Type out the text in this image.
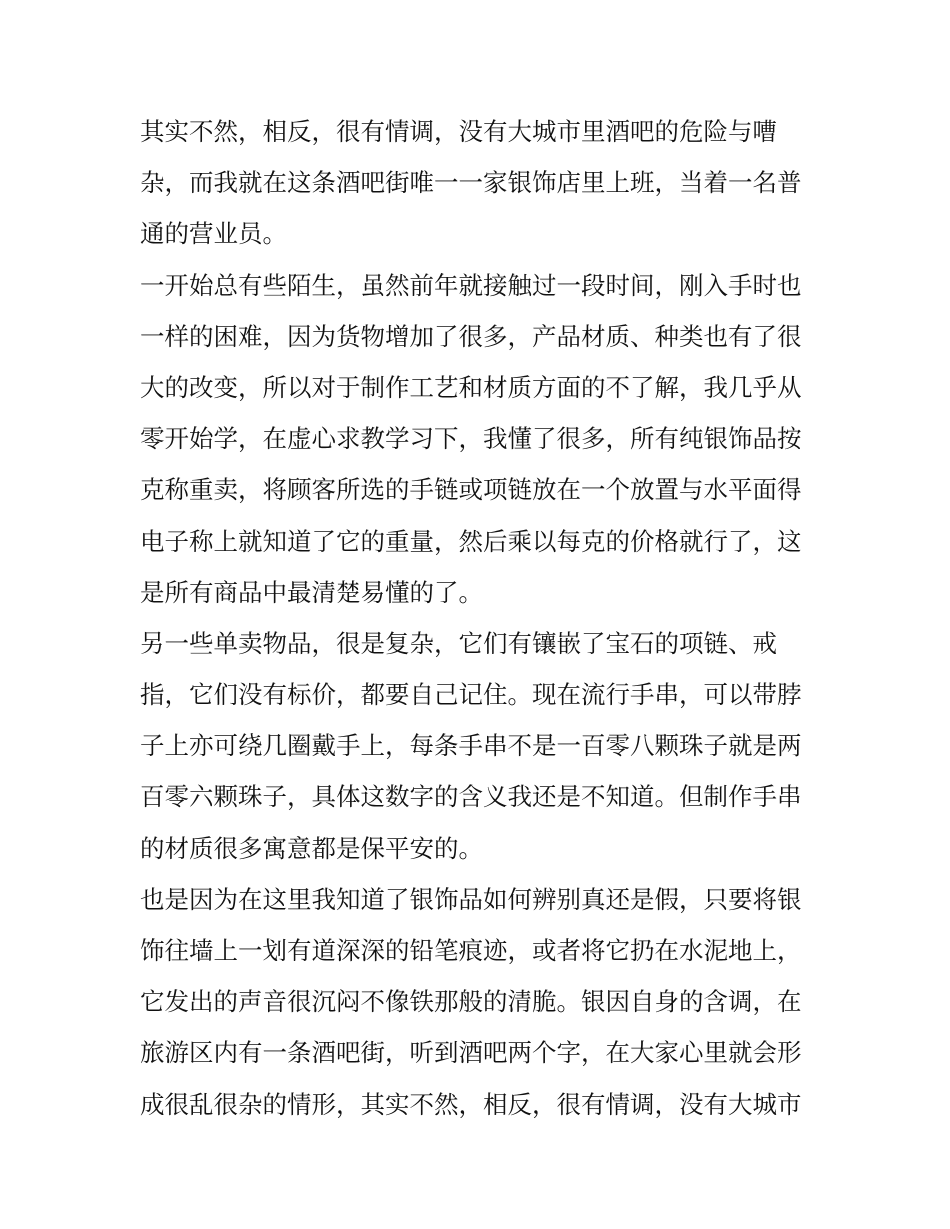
其实不然，相反，很有情调，没有大城市里酒吧的危险与嘈
杂，而我就在这条酒吧街唯一一家银饰店里上班，当着一名普
通的营业员。
一开始总有些陌生，虽然前年就接触过一段时间，刚入手时也
一样的困难，因为货物增加了很多，产品材质、种类也有了很
大的改变，所以对于制作工艺和材质方面的不了解，我几乎从
零开始学，在虚心求教学习下，我懂了很多，所有纯银饰品按
克称重卖，将顾客所选的手链或项链放在一个放置与水平面得
电子称上就知道了它的重量，然后乘以每克的价格就行了，这
是所有商品中最清楚易懂的了。
另一些单卖物品，很是复杂，它们有镶嵌了宝石的项链、戒
指，它们没有标价，都要自己记住。现在流行手串，可以带脖
子上亦可绕几圈戴手上，每条手串不是一百零八颗珠子就是两
百零六颗珠子，具体这数字的含义我还是不知道。但制作手串
的材质很多寓意都是保平安的。
也是因为在这里我知道了银饰品如何辨别真还是假，只要将银
饰往墙上一划有道深深的铅笔痕迹，或者将它扔在水泥地上，
它发出的声音很沉闷不像铁那般的清脆。银因自身的含调，在
旅游区内有一条酒吧街，听到酒吧两个字，在大家心里就会形
成很乱很杂的情形，其实不然，相反，很有情调，没有大城市
